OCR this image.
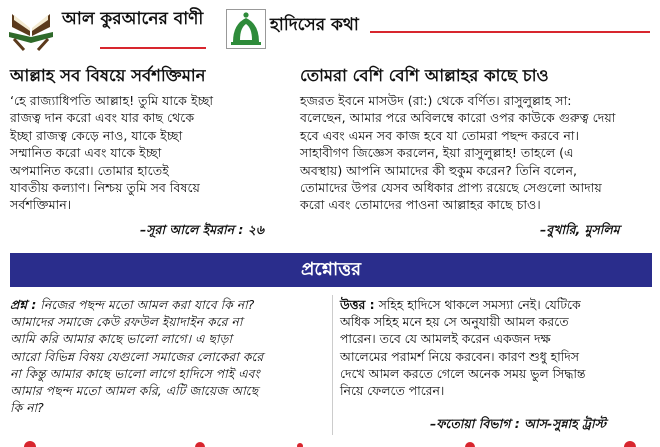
আল কুরআনের বাণী	হাদিসের কথা
আল্লাহ সব বিষয়ে সর্বশক্তিমান

‘হে রাজ্যাধিপতি আল্লাহ! তুমি যাকে ইচ্ছা

রাজত্ব দান করো এবং যার কাছ থেকে

ইচ্ছা রাজত্ব কেড়ে নাও, যাকে ইচ্ছা

সম্মানিত করো এবং যাকে ইচ্ছা

অপমানিত করো। তোমার হাতেই

যাবতীয় কল্যাণ। নিশ্চয় তুমি সব বিষয়ে

সর্বশক্তিমান।

–সূরা আলে ইমরান : ২৬
তোমরা বেশি বেশি আল্লাহর কাছে চাও

হজরত ইবনে মাসউদ (রা:) থেকে বর্ণিত। রাসুলুল্লাহ সা:

বলেছেন, আমার পরে অবিলম্বে কারো ওপর কাউকে গুরুত্ব দেয়া

হবে এবং এমন সব কাজ হবে যা তোমরা পছন্দ করবে না।

সাহাবীগণ জিজ্ঞেস করলেন, ইয়া রাসুলুল্লাহ! তাহলে (এ

অবস্থায়) আপনি আমাদের কী হুকুম করেন? তিনি বলেন,

তোমাদের উপর যেসব অধিকার প্রাপ্য রয়েছে সেগুলো আদায়

করো এবং তোমাদের পাওনা আল্লাহর কাছে চাও।

–বুখারি, মুসলিম
প্রশ্নোত্তর
প্রশ্ন : নিজের পছন্দ মতো আমল করা যাবে কি না?
আমাদের সমাজে কেউ রফউল ইয়াদাইন করে না
আমি করি আমার কাছে ভালো লাগে। এ ছাড়া
আরো বিভিন্ন বিষয় যেগুলো সমাজের লোকেরা করে
না কিন্তু আমার কাছে ভালো লাগে হাদিসে পাই এবং
আমার পছন্দ মতো আমল করি, এটি জায়েজ আছে
কি না?
উত্তর : সহিহ হাদিসে থাকলে সমস্যা নেই। যেটিকে
অধিক সহিহ মনে হয় সে অনুযায়ী আমল করতে
পারেন। তবে যে আমলই করেন একজন দক্ষ
আলেমের পরামর্শ নিয়ে করবেন। কারণ শুধু হাদিস
দেখে আমল করতে গেলে অনেক সময় ভুল সিদ্ধান্ত
নিয়ে ফেলতে পারেন।
–ফতোয়া বিভাগ : আস-সুন্নাহ ট্রাস্ট
